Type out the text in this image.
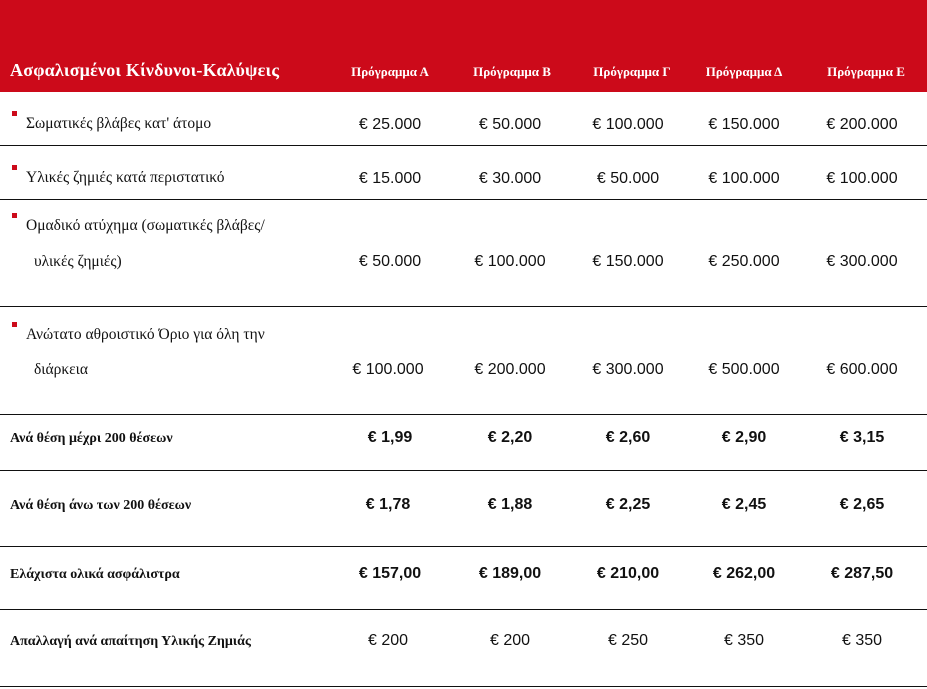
Ασφαλισμένοι Κίνδυνοι-Καλύψεις	Πρόγραμμα Α	Πρόγραμμα Β	Πρόγραμμα Γ	Πρόγραμμα Δ	Πρόγραμμα Ε
Σωματικές βλάβες κατ' άτομο	€ 25.000	€ 50.000	€ 100.000	€ 150.000	€ 200.000
Υλικές ζημιές κατά περιστατικό	€ 15.000	€ 30.000	€ 50.000	€ 100.000	€ 100.000
Ομαδικό ατύχημα (σωματικές βλάβες/
υλικές ζημιές)	€ 50.000	€ 100.000	€ 150.000	€ 250.000	€ 300.000
Ανώτατο αθροιστικό Όριο για όλη την
διάρκεια	€ 100.000	€ 200.000	€ 300.000	€ 500.000	€ 600.000
Ανά θέση μέχρι 200 θέσεων	€ 1,99	€ 2,20	€ 2,60	€ 2,90	€ 3,15
Ανά θέση άνω των 200 θέσεων	€ 1,78	€ 1,88	€ 2,25	€ 2,45	€ 2,65
Ελάχιστα ολικά ασφάλιστρα	€ 157,00	€ 189,00	€ 210,00	€ 262,00	€ 287,50
Απαλλαγή ανά απαίτηση Υλικής Ζημιάς	€ 200	€ 200	€ 250	€ 350	€ 350
